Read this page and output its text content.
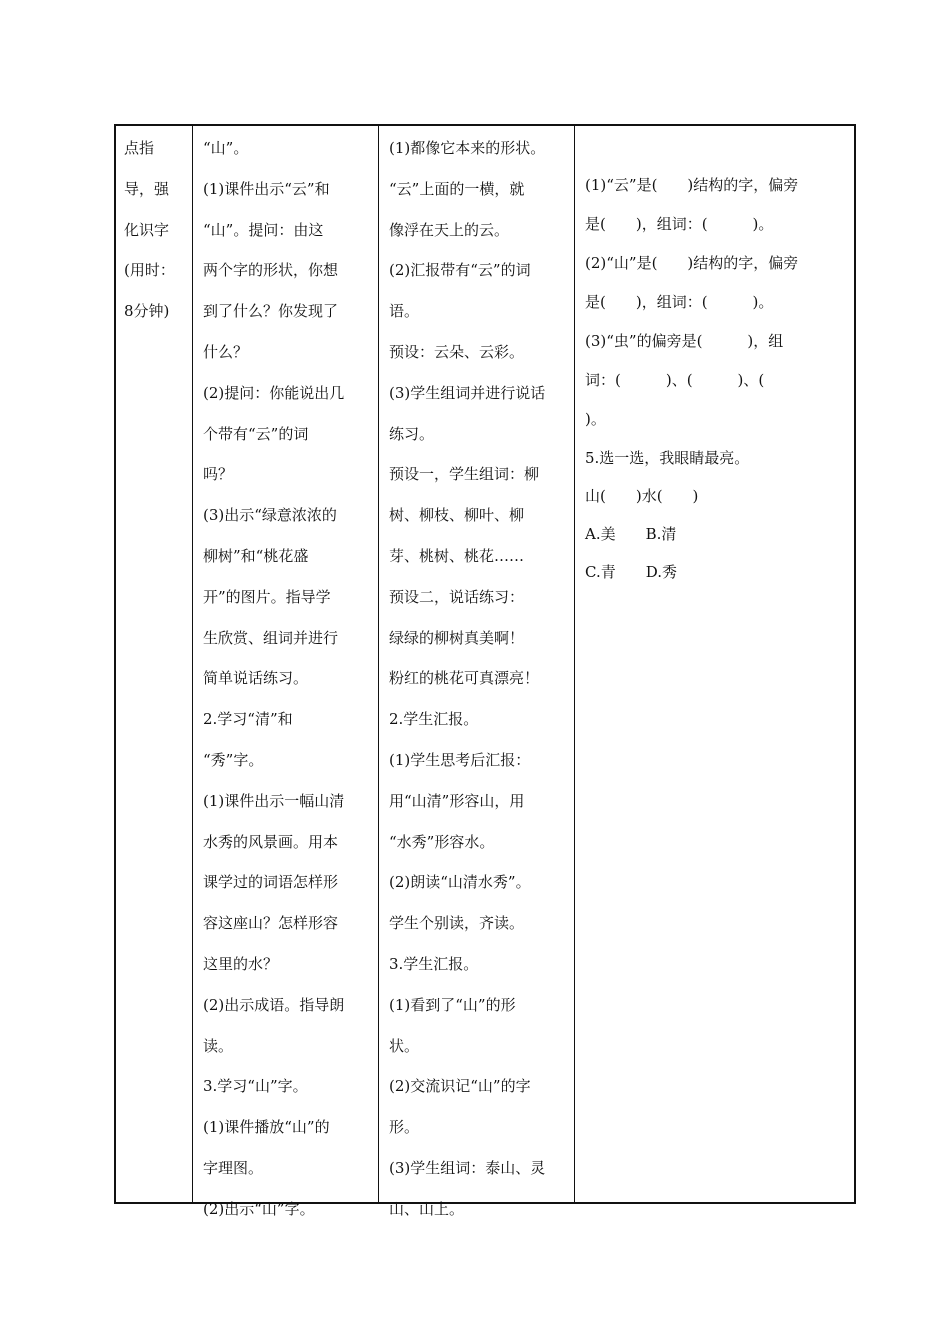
点指
导，强
化识字
(用时：
8分钟)
“山”。
(1)课件出示“云”和
“山”。提问：由这
两个字的形状，你想
到了什么？你发现了
什么？
(2)提问：你能说出几
个带有“云”的词
吗？
(3)出示“绿意浓浓的
柳树”和“桃花盛
开”的图片。指导学
生欣赏、组词并进行
简单说话练习。
2.学习“清”和
“秀”字。
(1)课件出示一幅山清
水秀的风景画。用本
课学过的词语怎样形
容这座山？怎样形容
这里的水？
(2)出示成语。指导朗
读。
3.学习“山”字。
(1)课件播放“山”的
字理图。
(2)出示“山”字。
(1)都像它本来的形状。
“云”上面的一横，就
像浮在天上的云。
(2)汇报带有“云”的词
语。
预设：云朵、云彩。
(3)学生组词并进行说话
练习。
预设一，学生组词：柳
树、柳枝、柳叶、柳
芽、桃树、桃花……
预设二，说话练习：
绿绿的柳树真美啊！
粉红的桃花可真漂亮！
2.学生汇报。
(1)学生思考后汇报：
用“山清”形容山，用
“水秀”形容水。
(2)朗读“山清水秀”。
学生个别读，齐读。
3.学生汇报。
(1)看到了“山”的形
状。
(2)交流识记“山”的字
形。
(3)学生组词：泰山、灵
山、山上。
(1)“云”是(　　)结构的字，偏旁
是(　　)，组词：(　　　)。
(2)“山”是(　　)结构的字，偏旁
是(　　)，组词：(　　　)。
(3)“虫”的偏旁是(　　　)，组
词：(　　　)、(　　　)、(
)。
5.选一选，我眼睛最亮。
山(　　)水(　　)
A.美　　B.清
C.青　　D.秀
